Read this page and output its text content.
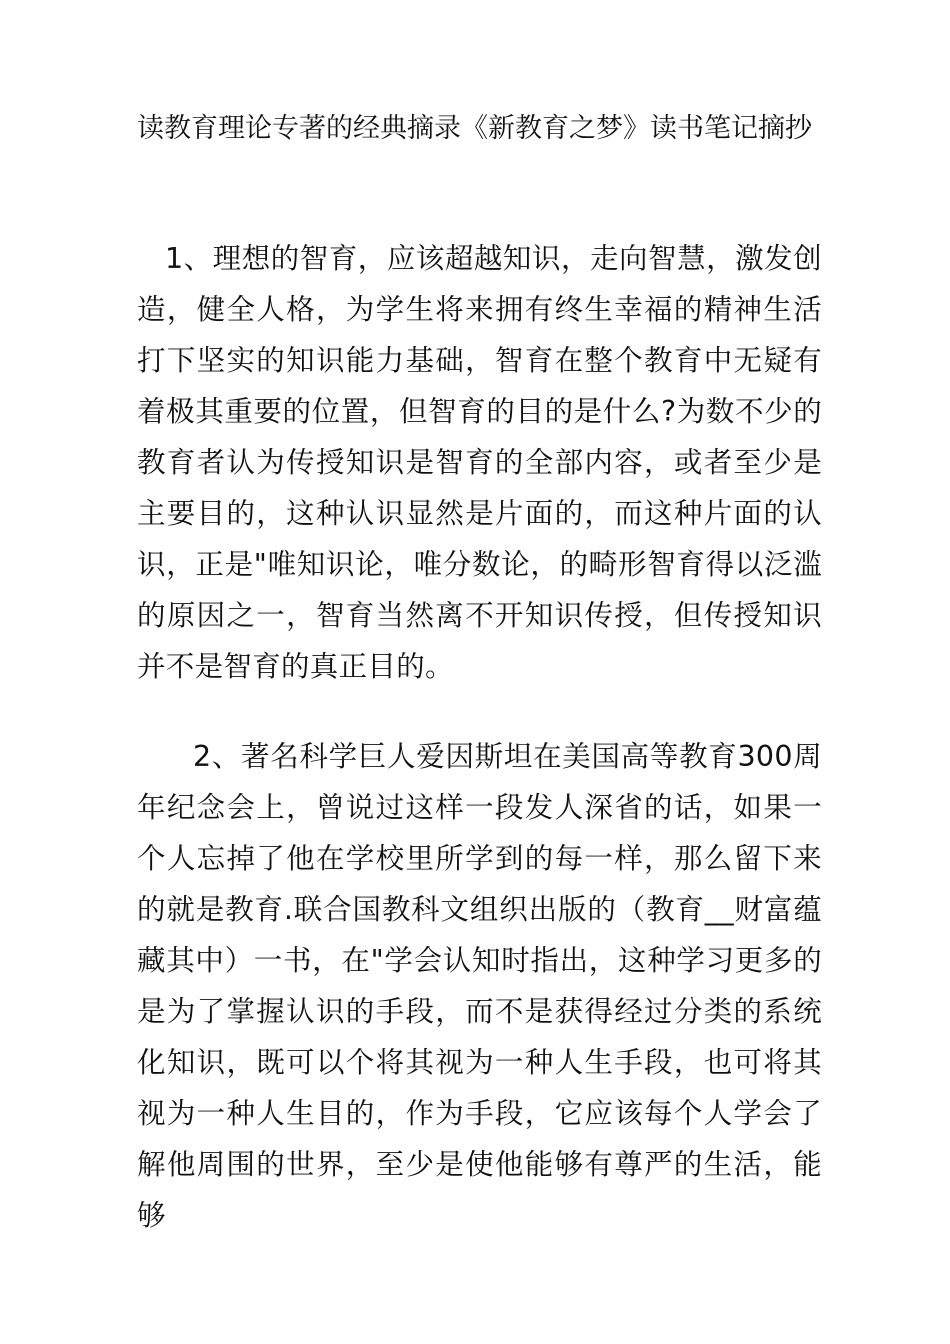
读教育理论专著的经典摘录《新教育之梦》读书笔记摘抄

1、理想的智育，应该超越知识，走向智慧，激发创造，健全人格，为学生将来拥有终生幸福的精神生活打下坚实的知识能力基础，智育在整个教育中无疑有着极其重要的位置，但智育的目的是什么?为数不少的教育者认为传授知识是智育的全部内容，或者至少是主要目的，这种认识显然是片面的，而这种片面的认识，正是"唯知识论，唯分数论，的畸形智育得以泛滥的原因之一，智育当然离不开知识传授，但传授知识并不是智育的真正目的。

2、著名科学巨人爱因斯坦在美国高等教育300周年纪念会上，曾说过这样一段发人深省的话，如果一个人忘掉了他在学校里所学到的每一样，那么留下来的就是教育.联合国教科文组织出版的（教育__财富蕴藏其中）一书，在"学会认知时指出，这种学习更多的是为了掌握认识的手段，而不是获得经过分类的系统化知识，既可以个将其视为一种人生手段，也可将其视为一种人生目的，作为手段，它应该每个人学会了解他周围的世界，至少是使他能够有尊严的生活，能够
